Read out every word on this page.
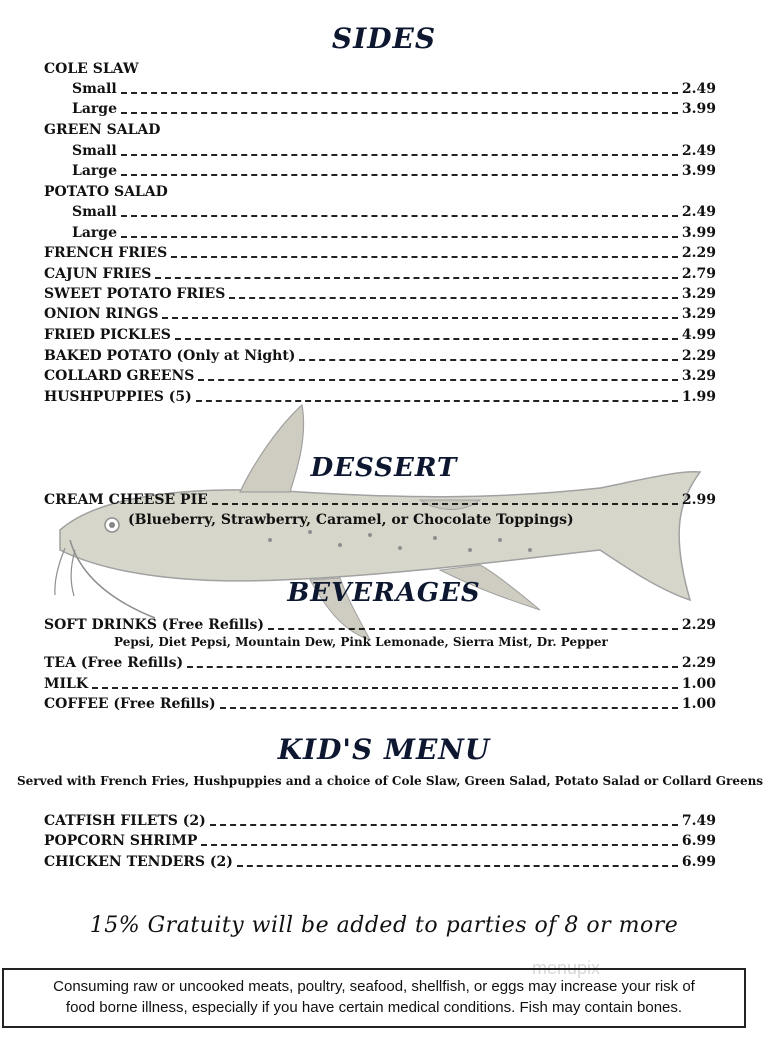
SIDES
COLE SLAW
Small	2.49
Large	3.99
GREEN SALAD
Small	2.49
Large	3.99
POTATO SALAD
Small	2.49
Large	3.99
FRENCH FRIES	2.29
CAJUN FRIES	2.79
SWEET POTATO FRIES	3.29
ONION RINGS	3.29
FRIED PICKLES	4.99
BAKED POTATO (Only at Night)	2.29
COLLARD GREENS	3.29
HUSHPUPPIES (5)	1.99
DESSERT
CREAM CHEESE PIE	2.99
(Blueberry, Strawberry, Caramel, or Chocolate Toppings)
BEVERAGES
SOFT DRINKS (Free Refills)	2.29
Pepsi, Diet Pepsi, Mountain Dew, Pink Lemonade, Sierra Mist, Dr. Pepper
TEA (Free Refills)	2.29
MILK	1.00
COFFEE (Free Refills)	1.00
KID'S MENU
Served with French Fries, Hushpuppies and a choice of Cole Slaw, Green Salad, Potato Salad or Collard Greens
CATFISH FILETS (2)	7.49
POPCORN SHRIMP	6.99
CHICKEN TENDERS (2)	6.99
15% Gratuity will be added to parties of 8 or more
menupix
Consuming raw or uncooked meats, poultry, seafood, shellfish, or eggs may increase your risk of
food borne illness, especially if you have certain medical conditions. Fish may contain bones.
